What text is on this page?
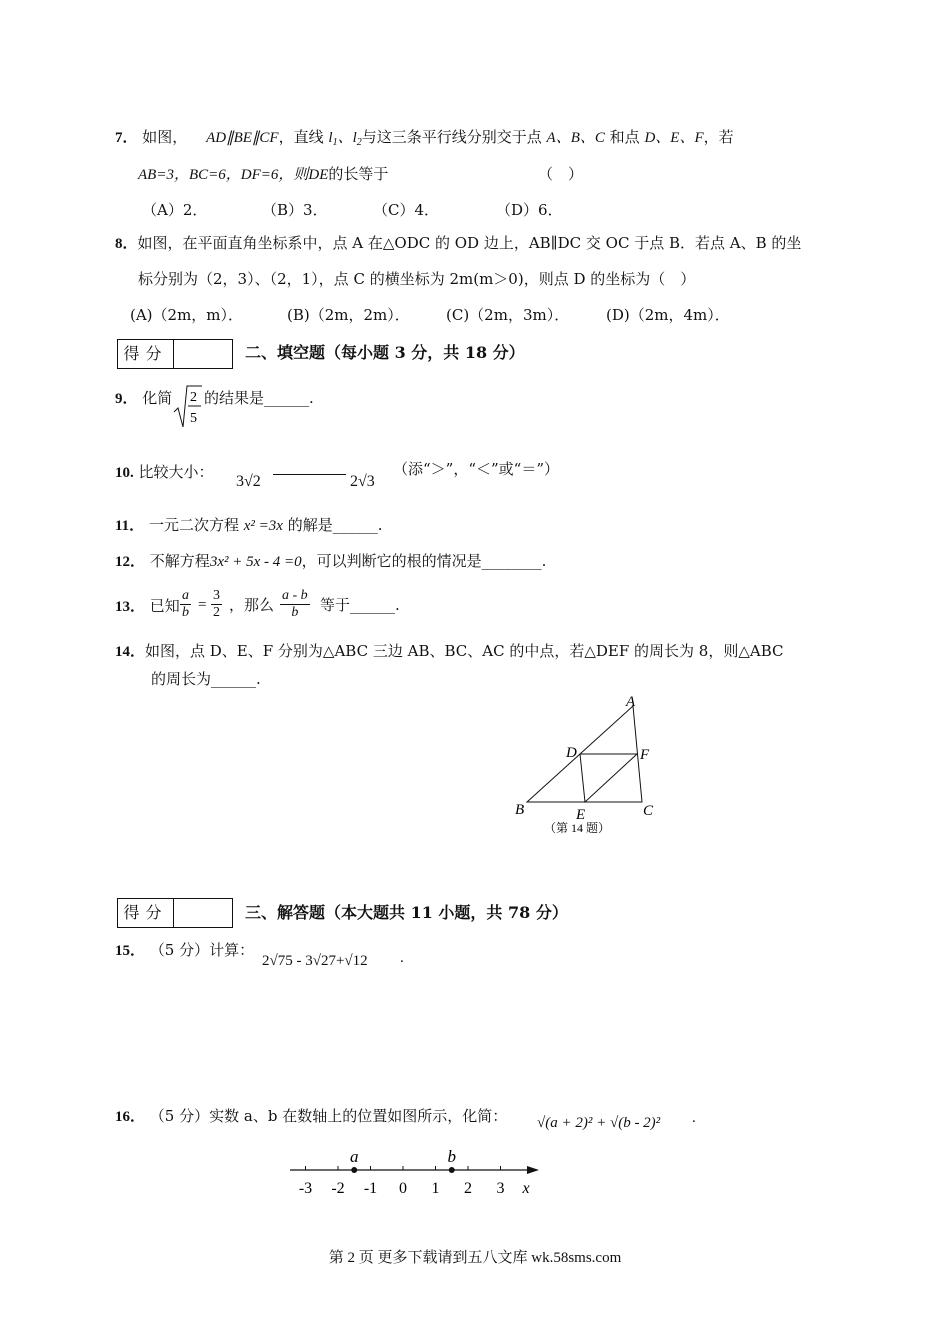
7． 如图， AD∥BE∥CF，直线 $l_1$、$l_2$与这三条平行线分别交于点 A、B、C 和点 D、E、F，若
AB=3，BC=6，DF=6，则DE的长等于	（　）
（A）2．	（B）3．	（C）4．	（D）6．
8．如图，在平面直角坐标系中，点 A 在△ODC 的 OD 边上，AB∥DC 交 OC 于点 B．若点 A、B 的坐
标分别为（2，3）、（2，1），点 C 的横坐标为 2m(m＞0)，则点 D 的坐标为（　）
(A)（2m，m）．	(B)（2m，2m）． (C)（2m，3m）． (D)（2m，4m）．
得分	二、填空题（每小题 3 分，共 18 分）
9． 化简 2
5
的结果是______.
10. 比较大小：
3√2	2√3
（添“＞”，“＜”或“＝”）
11． 一元二次方程 x² =3x 的解是______.
12． 不解方程3x² + 5x - 4 =0，可以判断它的根的情况是________.
13． 已知 $\frac{a}{b} = \frac{3}{2}$ ，那么 $\frac{a - b}{b}$ 等于______.
14．如图，点 D、E、F 分别为△ABC 三边 AB、BC、AC 的中点，若△DEF 的周长为 8，则△ABC
的周长为______.
A
B	C
D
E
F
（第 14 题）
得分	三、解答题（本大题共 11 小题，共 78 分）
15． （5 分）计算：
2√75 - 3√27+√12 .
16． （5 分）实数 a、b 在数轴上的位置如图所示，化简： √(a + 2)² + √(b - 2)² .
-3 -2 -1 0 1 2 3 x
a	b
第 2 页 更多下载请到五八文库 wk.58sms.com
